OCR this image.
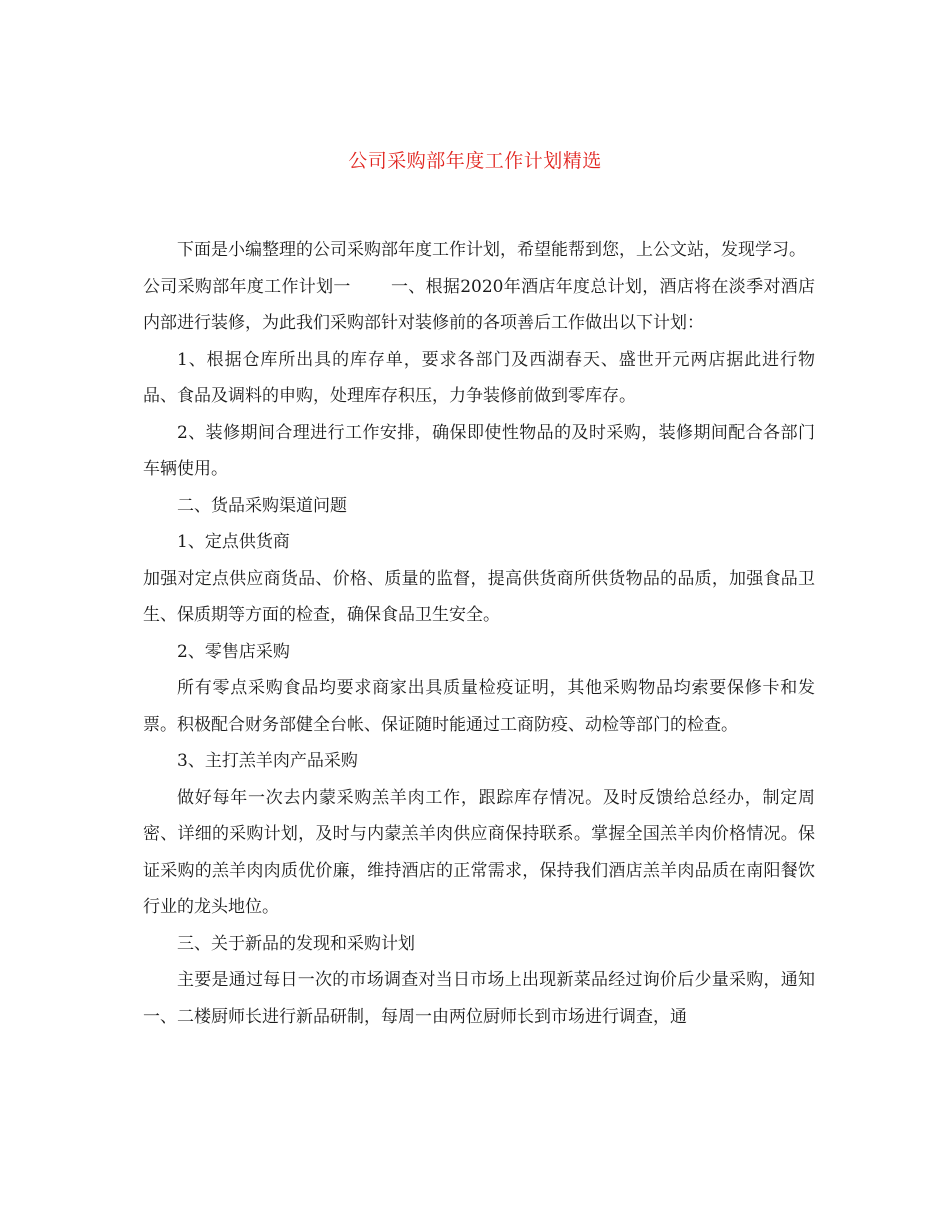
公司采购部年度工作计划精选

下面是小编整理的公司采购部年度工作计划，希望能帮到您，上公文站，发现学习。

公司采购部年度工作计划一 一、根据2020年酒店年度总计划，酒店将在淡季对酒店内部进行装修，为此我们采购部针对装修前的各项善后工作做出以下计划：

1、根据仓库所出具的库存单，要求各部门及西湖春天、盛世开元两店据此进行物品、食品及调料的申购，处理库存积压，力争装修前做到零库存。

2、装修期间合理进行工作安排，确保即使性物品的及时采购，装修期间配合各部门车辆使用。

二、货品采购渠道问题

1、定点供货商

加强对定点供应商货品、价格、质量的监督，提高供货商所供货物品的品质，加强食品卫生、保质期等方面的检查，确保食品卫生安全。

2、零售店采购

所有零点采购食品均要求商家出具质量检疫证明，其他采购物品均索要保修卡和发票。积极配合财务部健全台帐、保证随时能通过工商防疫、动检等部门的检查。

3、主打羔羊肉产品采购

做好每年一次去内蒙采购羔羊肉工作，跟踪库存情况。及时反馈给总经办，制定周密、详细的采购计划，及时与内蒙羔羊肉供应商保持联系。掌握全国羔羊肉价格情况。保证采购的羔羊肉肉质优价廉，维持酒店的正常需求，保持我们酒店羔羊肉品质在南阳餐饮行业的龙头地位。

三、关于新品的发现和采购计划

主要是通过每日一次的市场调查对当日市场上出现新菜品经过询价后少量采购，通知一、二楼厨师长进行新品研制，每周一由两位厨师长到市场进行调查，通
